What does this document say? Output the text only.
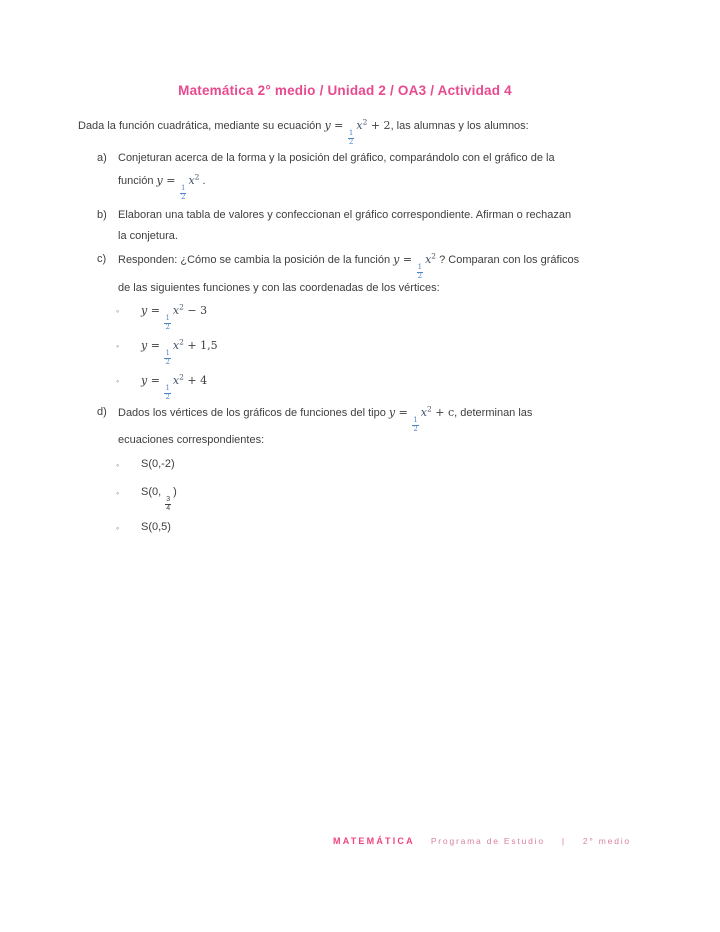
Matemática 2° medio / Unidad 2 / OA3 / Actividad 4
Dada la función cuadrática, mediante su ecuación y =
$\frac{1}{2}$
$x^2 + 2$, las alumnas y los alumnos:
a) Conjeturan acerca de la forma y la posición del gráfico, comparándolo con el gráfico de la
función y =
$\frac{1}{2}$
$x^2$ .
b) Elaboran una tabla de valores y confeccionan el gráfico correspondiente. Afirman o rechazan
la conjetura.
c) Responden: ¿Cómo se cambia la posición de la función y =
$\frac{1}{2}$
$x^2$ ? Comparan con los gráficos
de las siguientes funciones y con las coordenadas de los vértices:
◦ y =
$\frac{1}{2}$
$x^2 - 3$
◦ y =
$\frac{1}{2}$
$x^2 + 1,5$
◦ y =
$\frac{1}{2}$
$x^2 + 4$
d) Dados los vértices de los gráficos de funciones del tipo y =
$\frac{1}{2}$
$x^2 + c$, determinan las
ecuaciones correspondientes:
◦ S(0,-2)
◦ S(0,
$\frac{3}{4}$
)
◦ S(0,5)
MATEMÁTICA Programa de Estudio | 2° medio
